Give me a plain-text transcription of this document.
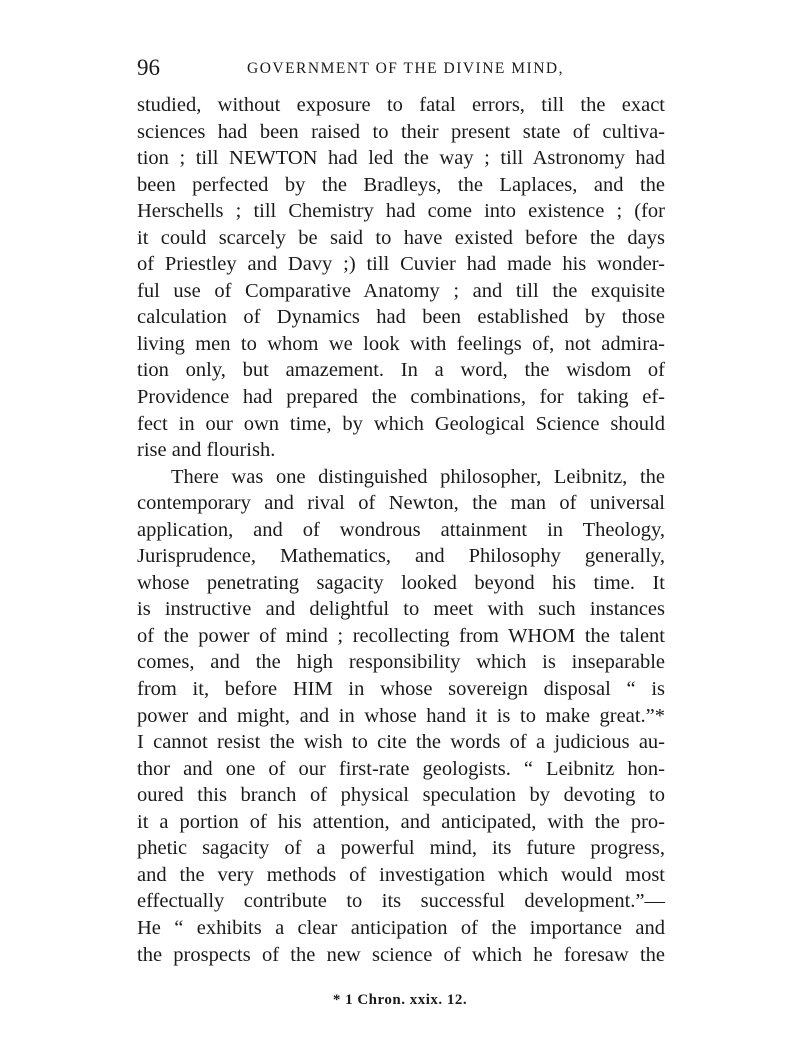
96	GOVERNMENT OF THE DIVINE MIND,
studied, without exposure to fatal errors, till the exact
sciences had been raised to their present state of cultiva-
tion ; till NEWTON had led the way ; till Astronomy had
been perfected by the Bradleys, the Laplaces, and the
Herschells ; till Chemistry had come into existence ; (for
it could scarcely be said to have existed before the days
of Priestley and Davy ;) till Cuvier had made his wonder-
ful use of Comparative Anatomy ; and till the exquisite
calculation of Dynamics had been established by those
living men to whom we look with feelings of, not admira-
tion only, but amazement. In a word, the wisdom of
Providence had prepared the combinations, for taking ef-
fect in our own time, by which Geological Science should
rise and flourish.
There was one distinguished philosopher, Leibnitz, the
contemporary and rival of Newton, the man of universal
application, and of wondrous attainment in Theology,
Jurisprudence, Mathematics, and Philosophy generally,
whose penetrating sagacity looked beyond his time. It
is instructive and delightful to meet with such instances
of the power of mind ; recollecting from WHOM the talent
comes, and the high responsibility which is inseparable
from it, before HIM in whose sovereign disposal “ is
power and might, and in whose hand it is to make great.”*
I cannot resist the wish to cite the words of a judicious au-
thor and one of our first-rate geologists. “ Leibnitz hon-
oured this branch of physical speculation by devoting to
it a portion of his attention, and anticipated, with the pro-
phetic sagacity of a powerful mind, its future progress,
and the very methods of investigation which would most
effectually contribute to its successful development.”—
He “ exhibits a clear anticipation of the importance and
the prospects of the new science of which he foresaw the
* 1 Chron. xxix. 12.
